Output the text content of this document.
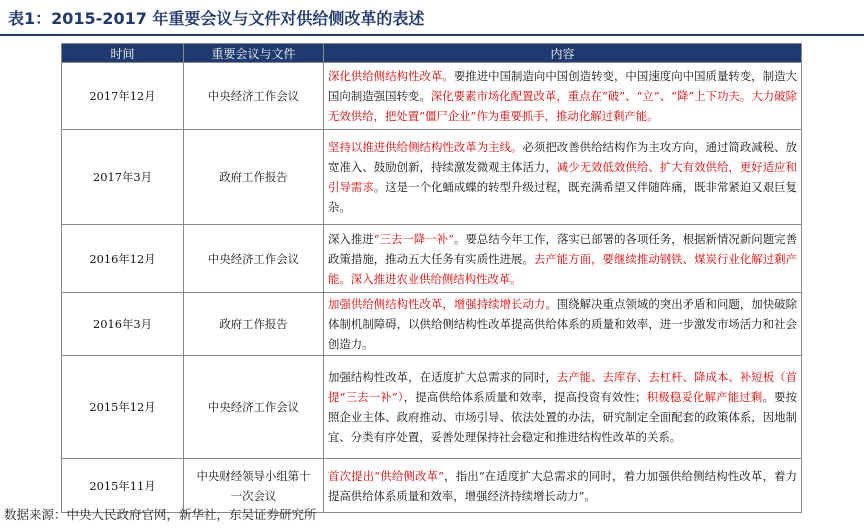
表1：2015-2017 年重要会议与文件对供给侧改革的表述
时间	重要会议与文件	内容
2017年12月	中央经济工作会议	深化供给侧结构性改革。要推进中国制造向中国创造转变，中国速度向中国质量转变，制造大国向制造强国转变。深化要素市场化配置改革，重点在“破”、“立”、“降”上下功夫。大力破除无效供给，把处置“僵尸企业”作为重要抓手，推动化解过剩产能。
2017年3月	政府工作报告	坚持以推进供给侧结构性改革为主线。必须把改善供给结构作为主攻方向，通过简政减税、放宽准入、鼓励创新，持续激发微观主体活力，减少无效低效供给、扩大有效供给，更好适应和引导需求。这是一个化蛹成蝶的转型升级过程，既充满希望又伴随阵痛，既非常紧迫又艰巨复杂。
2016年12月	中央经济工作会议	深入推进“三去一降一补”。要总结今年工作，落实已部署的各项任务，根据新情况新问题完善政策措施，推动五大任务有实质性进展。去产能方面，要继续推动钢铁、煤炭行业化解过剩产能。深入推进农业供给侧结构性改革。
2016年3月	政府工作报告	加强供给侧结构性改革，增强持续增长动力。围绕解决重点领域的突出矛盾和问题，加快破除体制机制障碍，以供给侧结构性改革提高供给体系的质量和效率，进一步激发市场活力和社会创造力。
2015年12月	中央经济工作会议	加强结构性改革，在适度扩大总需求的同时，去产能、去库存、去杠杆、降成本、补短板（首提“三去一补”），提高供给体系质量和效率，提高投资有效性；积极稳妥化解产能过剩。要按照企业主体、政府推动、市场引导、依法处置的办法，研究制定全面配套的政策体系，因地制宜、分类有序处置，妥善处理保持社会稳定和推进结构性改革的关系。
2015年11月	中央财经领导小组第十一次会议	首次提出“供给侧改革”，指出“在适度扩大总需求的同时，着力加强供给侧结构性改革，着力提高供给体系质量和效率，增强经济持续增长动力”。
数据来源：中央人民政府官网，新华社，东吴证券研究所
